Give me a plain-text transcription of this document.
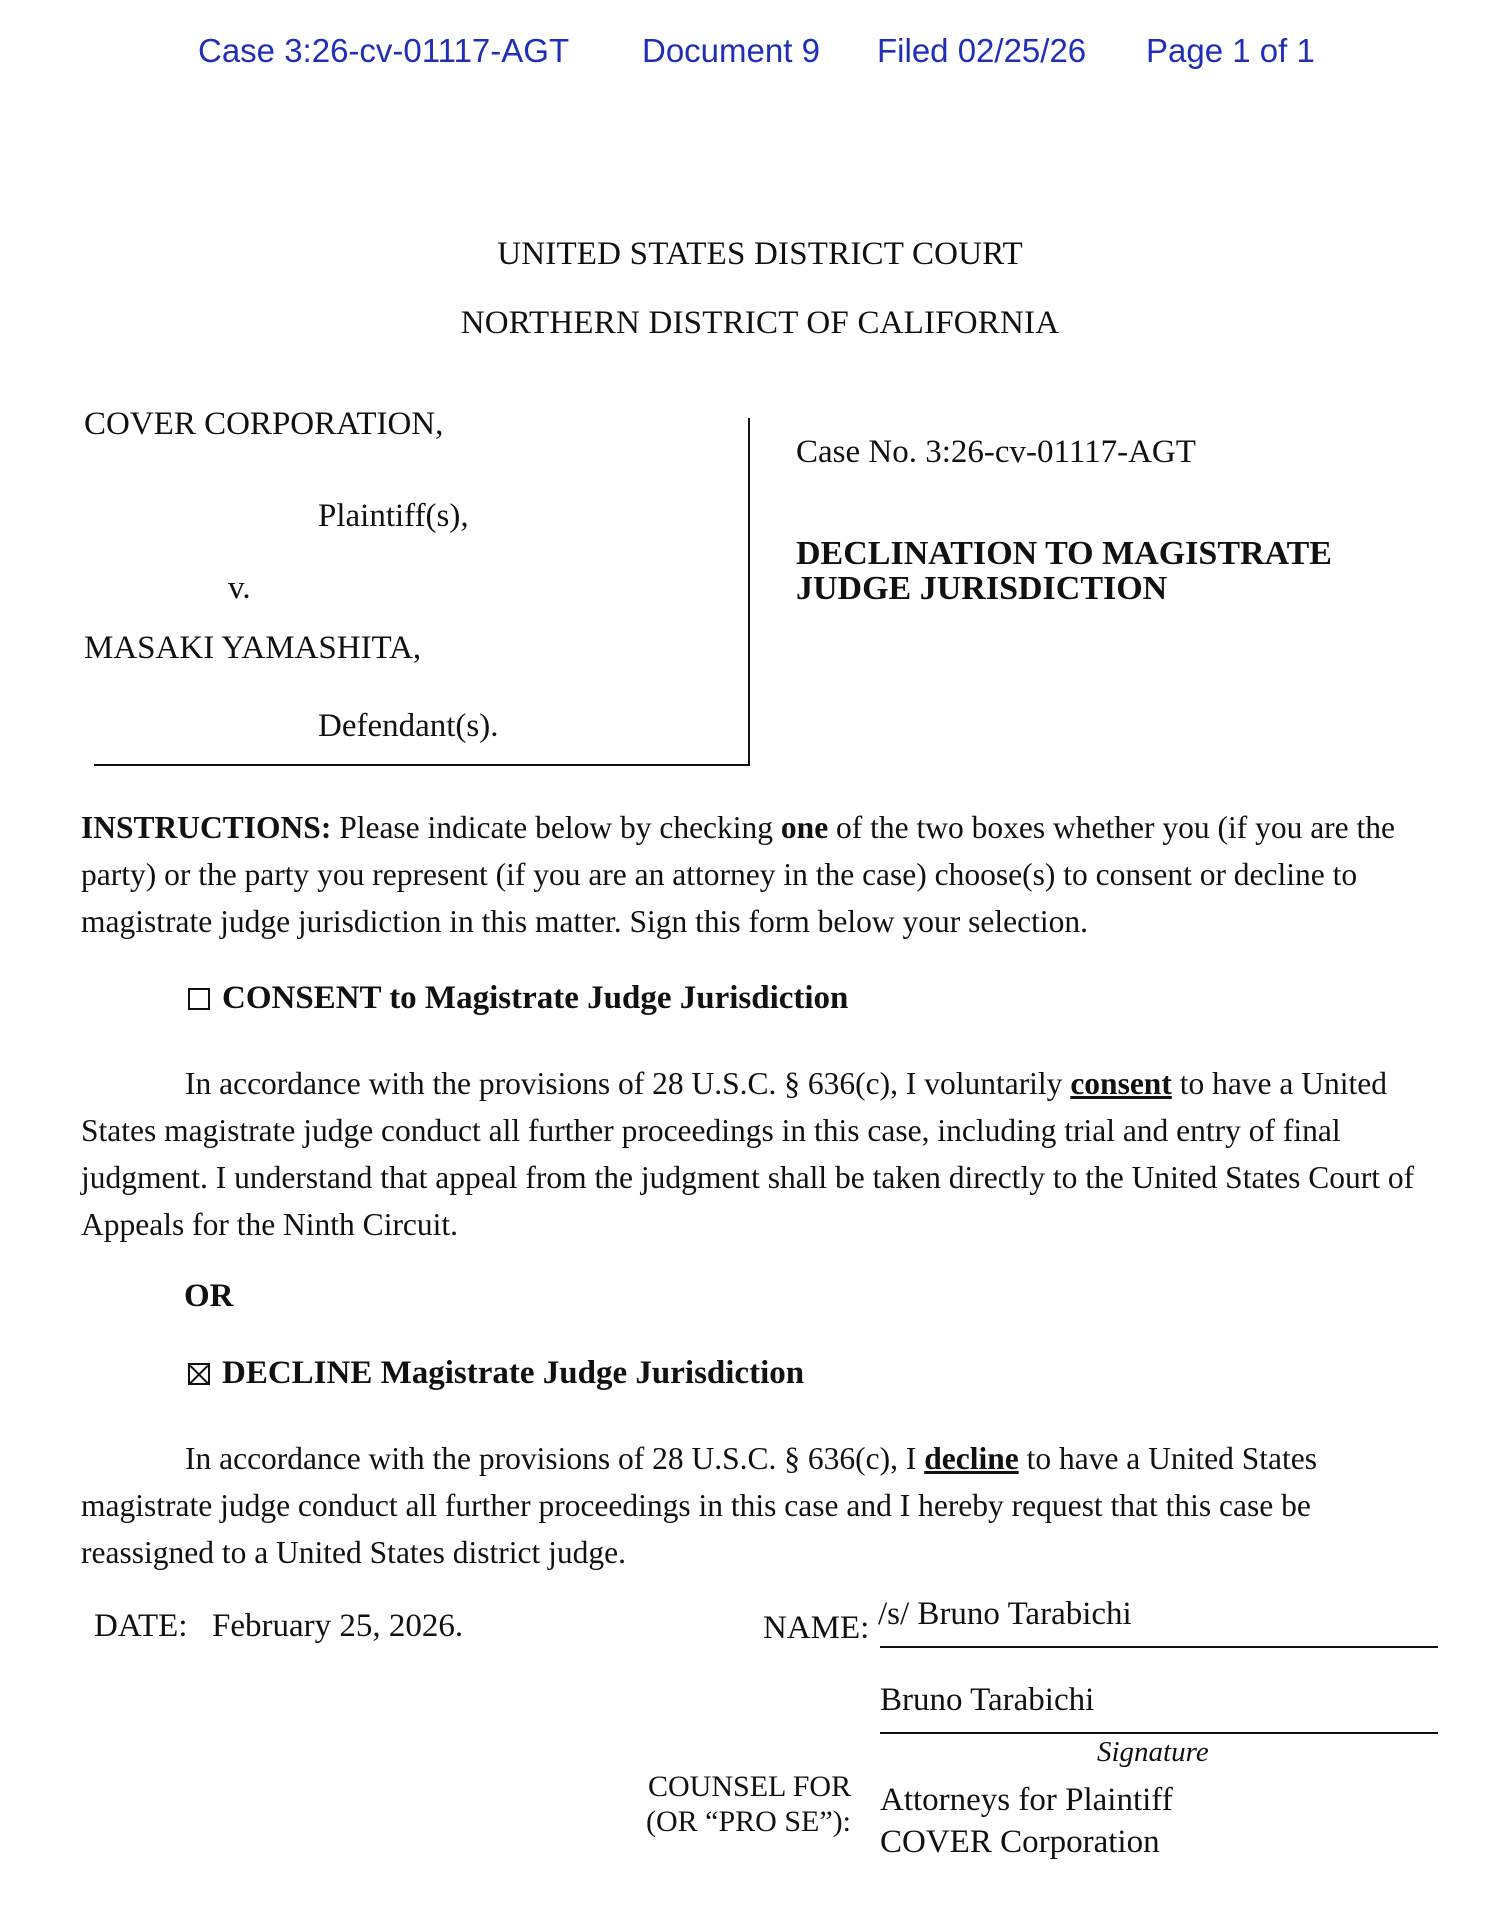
Case 3:26-cv-01117-AGT Document 9 Filed 02/25/26 Page 1 of 1
UNITED STATES DISTRICT COURT
NORTHERN DISTRICT OF CALIFORNIA
COVER CORPORATION,
Plaintiff(s),
v.
MASAKI YAMASHITA,
Defendant(s).
Case No. 3:26-cv-01117-AGT
DECLINATION TO MAGISTRATE JUDGE JURISDICTION
INSTRUCTIONS: Please indicate below by checking one of the two boxes whether you (if you are the party) or the party you represent (if you are an attorney in the case) choose(s) to consent or decline to magistrate judge jurisdiction in this matter. Sign this form below your selection.
CONSENT to Magistrate Judge Jurisdiction
In accordance with the provisions of 28 U.S.C. § 636(c), I voluntarily consent to have a United States magistrate judge conduct all further proceedings in this case, including trial and entry of final judgment. I understand that appeal from the judgment shall be taken directly to the United States Court of Appeals for the Ninth Circuit.
OR
DECLINE Magistrate Judge Jurisdiction
In accordance with the provisions of 28 U.S.C. § 636(c), I decline to have a United States magistrate judge conduct all further proceedings in this case and I hereby request that this case be reassigned to a United States district judge.
DATE: February 25, 2026.	NAME: /s/ Bruno Tarabichi
Bruno Tarabichi
Signature
COUNSEL FOR
(OR “PRO SE”):
Attorneys for Plaintiff
COVER Corporation
